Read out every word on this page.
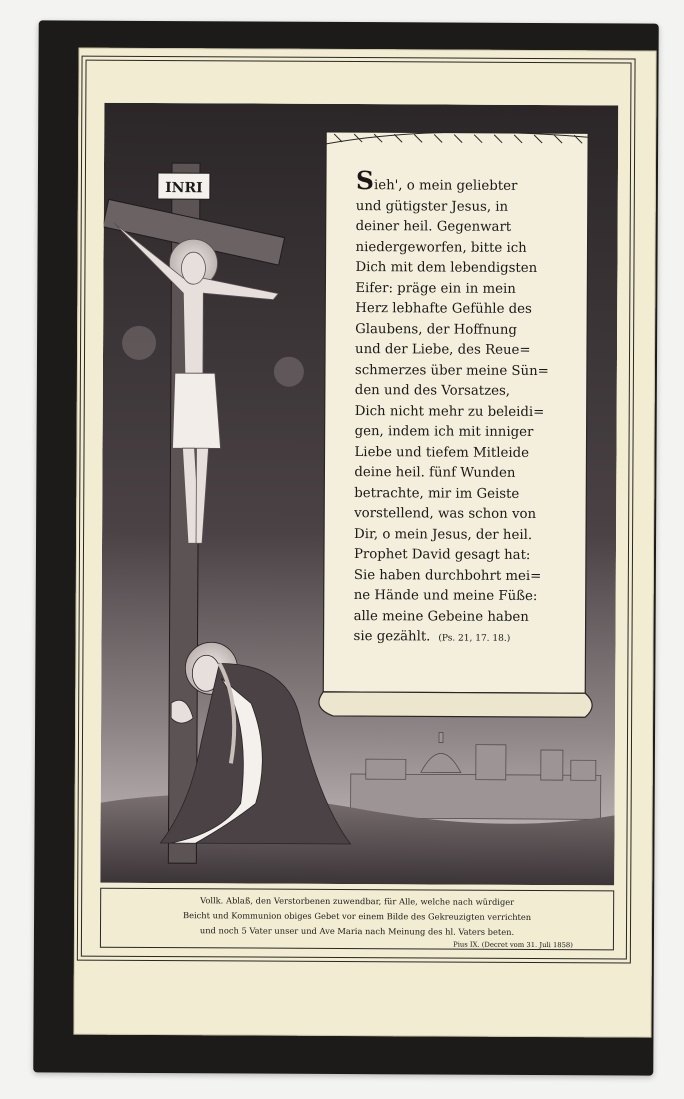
INRI	Sieh', o mein geliebter
und gütigster Jesus, in
deiner heil. Gegenwart
niedergeworfen, bitte ich
Dich mit dem lebendigsten
Eifer: präge ein in mein
Herz lebhafte Gefühle des
Glaubens, der Hoffnung
und der Liebe, des Reue=
schmerzes über meine Sün=
den und des Vorsatzes,
Dich nicht mehr zu beleidi=
gen, indem ich mit inniger
Liebe und tiefem Mitleide
deine heil. fünf Wunden
betrachte, mir im Geiste
vorstellend, was schon von
Dir, o mein Jesus, der heil.
Prophet David gesagt hat:
Sie haben durchbohrt mei=
ne Hände und meine Füße:
alle meine Gebeine haben
sie gezählt. (Ps. 21, 17. 18.)
Vollk. Ablaß, den Verstorbenen zuwendbar, für Alle, welche nach würdiger
Beicht und Kommunion obiges Gebet vor einem Bilde des Gekreuzigten verrichten
und noch 5 Vater unser und Ave Maria nach Meinung des hl. Vaters beten.
Pius IX. (Decret vom 31. Juli 1858)
